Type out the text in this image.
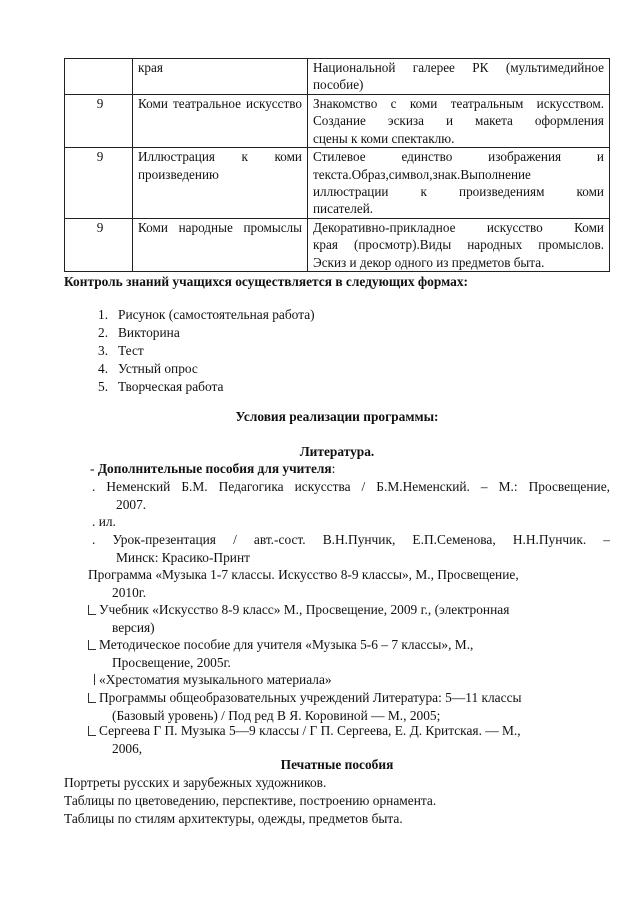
	края	Национальной галерее РК (мультимедийное
пособие)

9	Коми театральное искусство	Знакомство с коми театральным искусством.
Создание эскиза и макета оформления
сцены к коми спектаклю.

9	Иллюстрация к коми произведению	Стилевое единство изображения и
текста.Образ,символ,знак.Выполнение
иллюстрации к произведениям коми
писателей.

9	Коми народные промыслы	Декоративно-прикладное искусство Коми
края (просмотр).Виды народных промыслов.
Эскиз и декор одного из предметов быта.
Контроль знаний учащихся осуществляется в следующих формах:
1. Рисунок (самостоятельная работа)
2. Викторина
3. Тест
4. Устный опрос
5. Творческая работа
Условия реализации программы:
Литература.
- Дополнительные пособия для учителя:
. Неменский Б.М. Педагогика искусства / Б.М.Неменский. – М.: Просвещение,
2007.
. ил.
. Урок-презентация / авт.-сост. В.Н.Пунчик, Е.П.Семенова, Н.Н.Пунчик. –
Минск: Красико-Принт
Программа «Музыка 1-7 классы. Искусство 8-9 классы», М., Просвещение,
2010г.
Учебник «Искусство 8-9 класс» М., Просвещение, 2009 г., (электронная
версия)
Методическое пособие для учителя «Музыка 5-6 – 7 классы», М.,
Просвещение, 2005г.
«Хрестоматия музыкального материала»
Программы общеобразовательных учреждений Литература: 5—11 классы
(Базовый уровень) / Под ред В Я. Коровиной — М., 2005;
Сергеева Г П. Музыка 5—9 классы / Г П. Сергеева, Е. Д. Критская. — М.,
2006,
Печатные пособия
Портреты русских и зарубежных художников.
Таблицы по цветоведению, перспективе, построению орнамента.
Таблицы по стилям архитектуры, одежды, предметов быта.
